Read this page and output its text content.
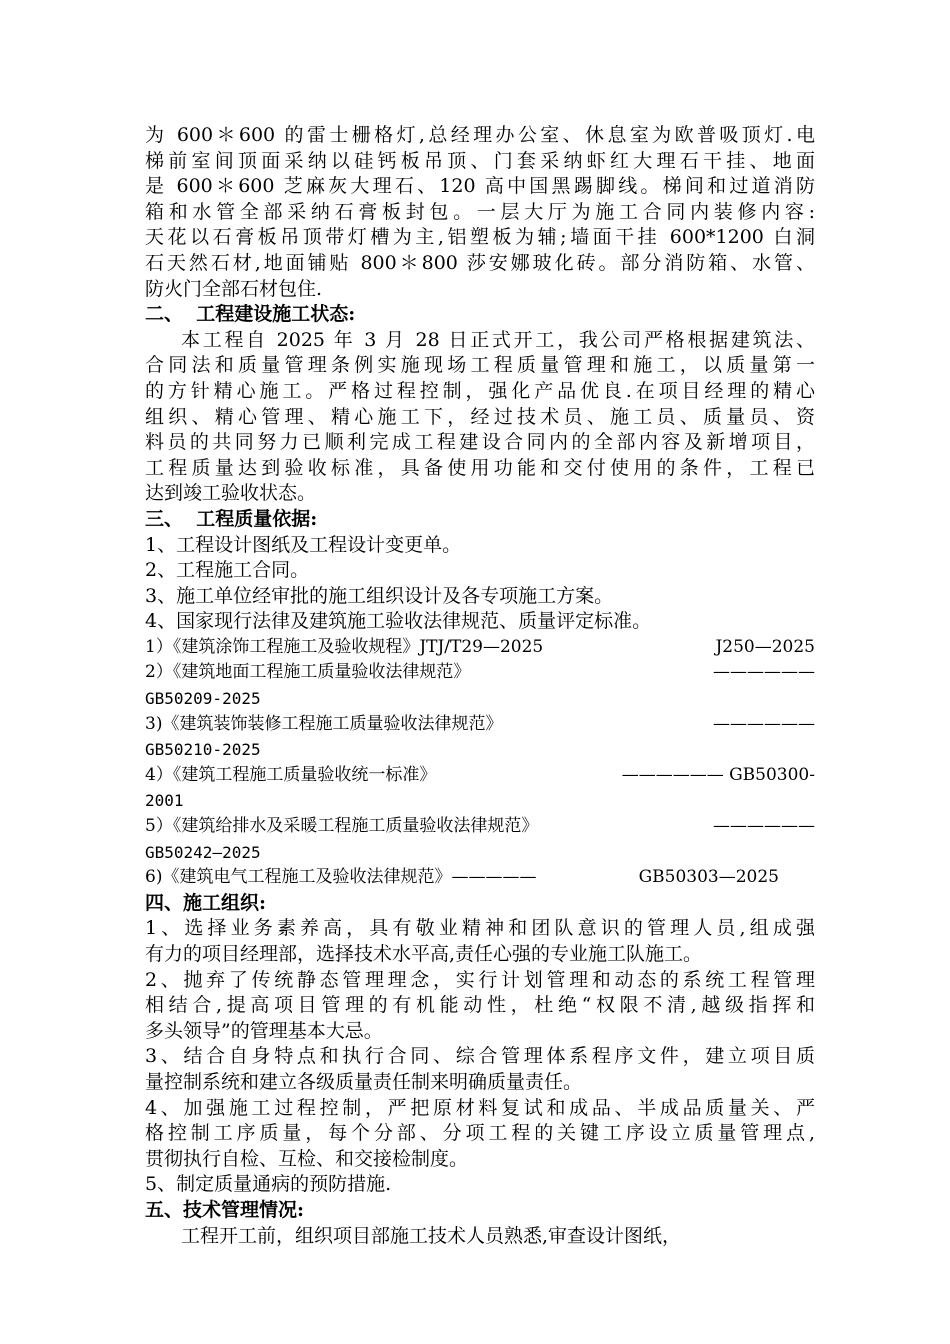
为 600＊600 的雷士栅格灯,总经理办公室、休息室为欧普吸顶灯.电
梯前室间顶面采纳以硅钙板吊顶、门套采纳虾红大理石干挂、地面
是 600＊600 芝麻灰大理石、120 高中国黑踢脚线。梯间和过道消防
箱和水管全部采纳石膏板封包。一层大厅为施工合同内装修内容:
天花以石膏板吊顶带灯槽为主,铝塑板为辅;墙面干挂 600*1200 白洞
石天然石材,地面铺贴 800＊800 莎安娜玻化砖。部分消防箱、水管、
防火门全部石材包住.
二、  工程建设施工状态:
本工程自 2025 年 3 月 28 日正式开工，我公司严格根据建筑法、
合同法和质量管理条例实施现场工程质量管理和施工，以质量第一
的方针精心施工。严格过程控制，强化产品优良.在项目经理的精心
组织、精心管理、精心施工下，经过技术员、施工员、质量员、资
料员的共同努力已顺利完成工程建设合同内的全部内容及新增项目，
工程质量达到验收标准，具备使用功能和交付使用的条件，工程已
达到竣工验收状态。
三、  工程质量依据:
1、工程设计图纸及工程设计变更单。
2、工程施工合同。
3、施工单位经审批的施工组织设计及各专项施工方案。
4、国家现行法律及建筑施工验收法律规范、质量评定标准。
1）《建筑涂饰工程施工及验收规程》JTJ/T29—2025	J250—2025
2）《建筑地面工程施工质量验收法律规范》	——————
GB50209-2025
3)《建筑装饰装修工程施工质量验收法律规范》	——————
GB50210-2025
4）《建筑工程施工质量验收统一标准》	—————— GB50300-
2001
5）《建筑给排水及采暖工程施工质量验收法律规范》	——————
GB50242—2025
6)《建筑电气工程施工及验收法律规范》—————	GB50303—2025
四、施工组织:
1、选择业务素养高，具有敬业精神和团队意识的管理人员,组成强
有力的项目经理部，选择技术水平高,责任心强的专业施工队施工。
2、抛弃了传统静态管理理念，实行计划管理和动态的系统工程管理
相结合,提高项目管理的有机能动性，杜绝“权限不清,越级指挥和
多头领导”的管理基本大忌。
3、结合自身特点和执行合同、综合管理体系程序文件，建立项目质
量控制系统和建立各级质量责任制来明确质量责任。
4、加强施工过程控制，严把原材料复试和成品、半成品质量关、严
格控制工序质量，每个分部、分项工程的关键工序设立质量管理点,
贯彻执行自检、互检、和交接检制度。
5、制定质量通病的预防措施.
五、技术管理情况:
工程开工前，组织项目部施工技术人员熟悉,审查设计图纸，
